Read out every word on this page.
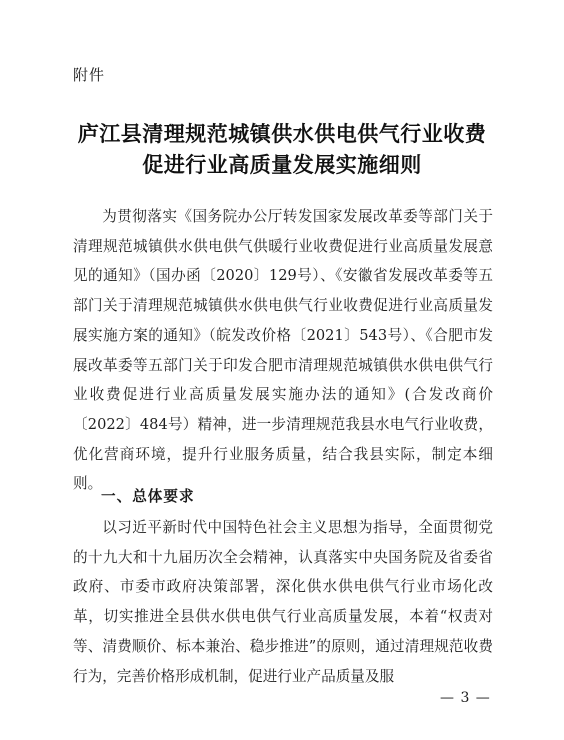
附件
庐江县清理规范城镇供水供电供气行业收费
促进行业高质量发展实施细则

为贯彻落实《国务院办公厅转发国家发展改革委等部门关于清理规范城镇供水供电供气供暖行业收费促进行业高质量发展意见的通知》（国办函〔2020〕129号）、《安徽省发展改革委等五部门关于清理规范城镇供水供电供气行业收费促进行业高质量发展实施方案的通知》（皖发改价格〔2021〕543号）、《合肥市发展改革委等五部门关于印发合肥市清理规范城镇供水供电供气行业收费促进行业高质量发展实施办法的通知》(合发改商价〔2022〕484号）精神，进一步清理规范我县水电气行业收费，优化营商环境，提升行业服务质量，结合我县实际，制定本细则。

一、总体要求

以习近平新时代中国特色社会主义思想为指导，全面贯彻党的十九大和十九届历次全会精神，认真落实中央国务院及省委省政府、市委市政府决策部署，深化供水供电供气行业市场化改革，切实推进全县供水供电供气行业高质量发展，本着“权责对等、清费顺价、标本兼治、稳步推进”的原则，通过清理规范收费行为，完善价格形成机制，促进行业产品质量及服

— 3 —
